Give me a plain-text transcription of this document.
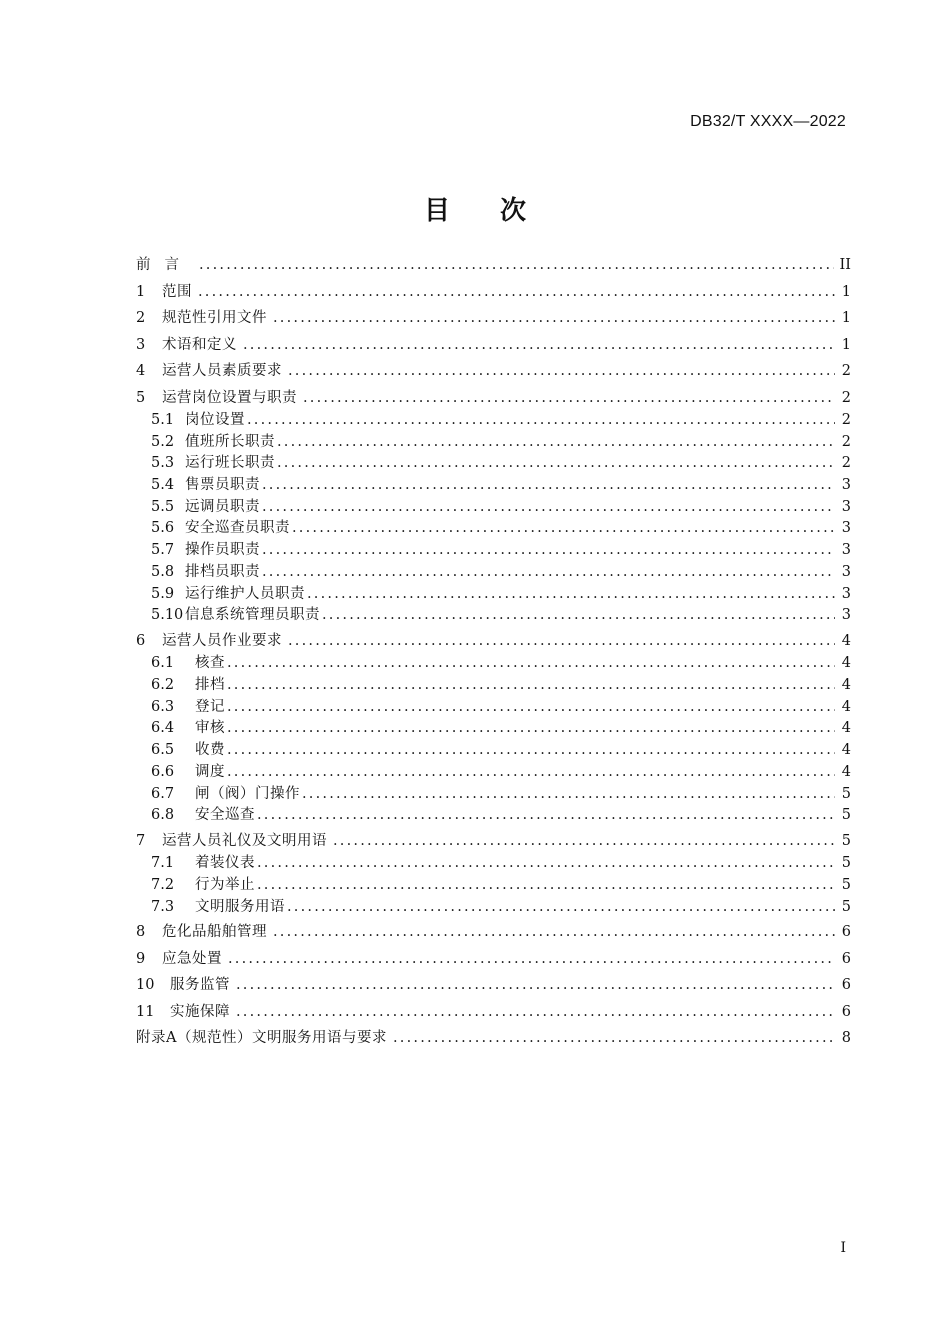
DB32/T XXXX—2022
目次
前言 .....	II
1	范围 .....	1
2	规范性引用文件 .....	1
3	术语和定义 .....	1
4	运营人员素质要求 .....	2
5	运营岗位设置与职责 .....	2
5.1 岗位设置 .....	2
5.2 值班所长职责 .....	2
5.3 运行班长职责 .....	2
5.4 售票员职责 .....	3
5.5 远调员职责 .....	3
5.6 安全巡查员职责 .....	3
5.7 操作员职责 .....	3
5.8 排档员职责 .....	3
5.9 运行维护人员职责 .....	3
5.10 信息系统管理员职责 .....	3
6	运营人员作业要求 .....	4
6.1	核查 .....	4
6.2	排档 .....	4
6.3	登记 .....	4
6.4	审核 .....	4
6.5	收费 .....	4
6.6	调度 .....	4
6.7	闸（阀）门操作 .....	5
6.8	安全巡查 .....	5
7	运营人员礼仪及文明用语 .....	5
7.1	着装仪表 .....	5
7.2	行为举止 .....	5
7.3	文明服务用语 .....	5
8	危化品船舶管理 .....	6
9	应急处置 .....	6
10	服务监管 .....	6
11	实施保障 .....	6
附录A（规范性）文明服务用语与要求 .....	8
I
